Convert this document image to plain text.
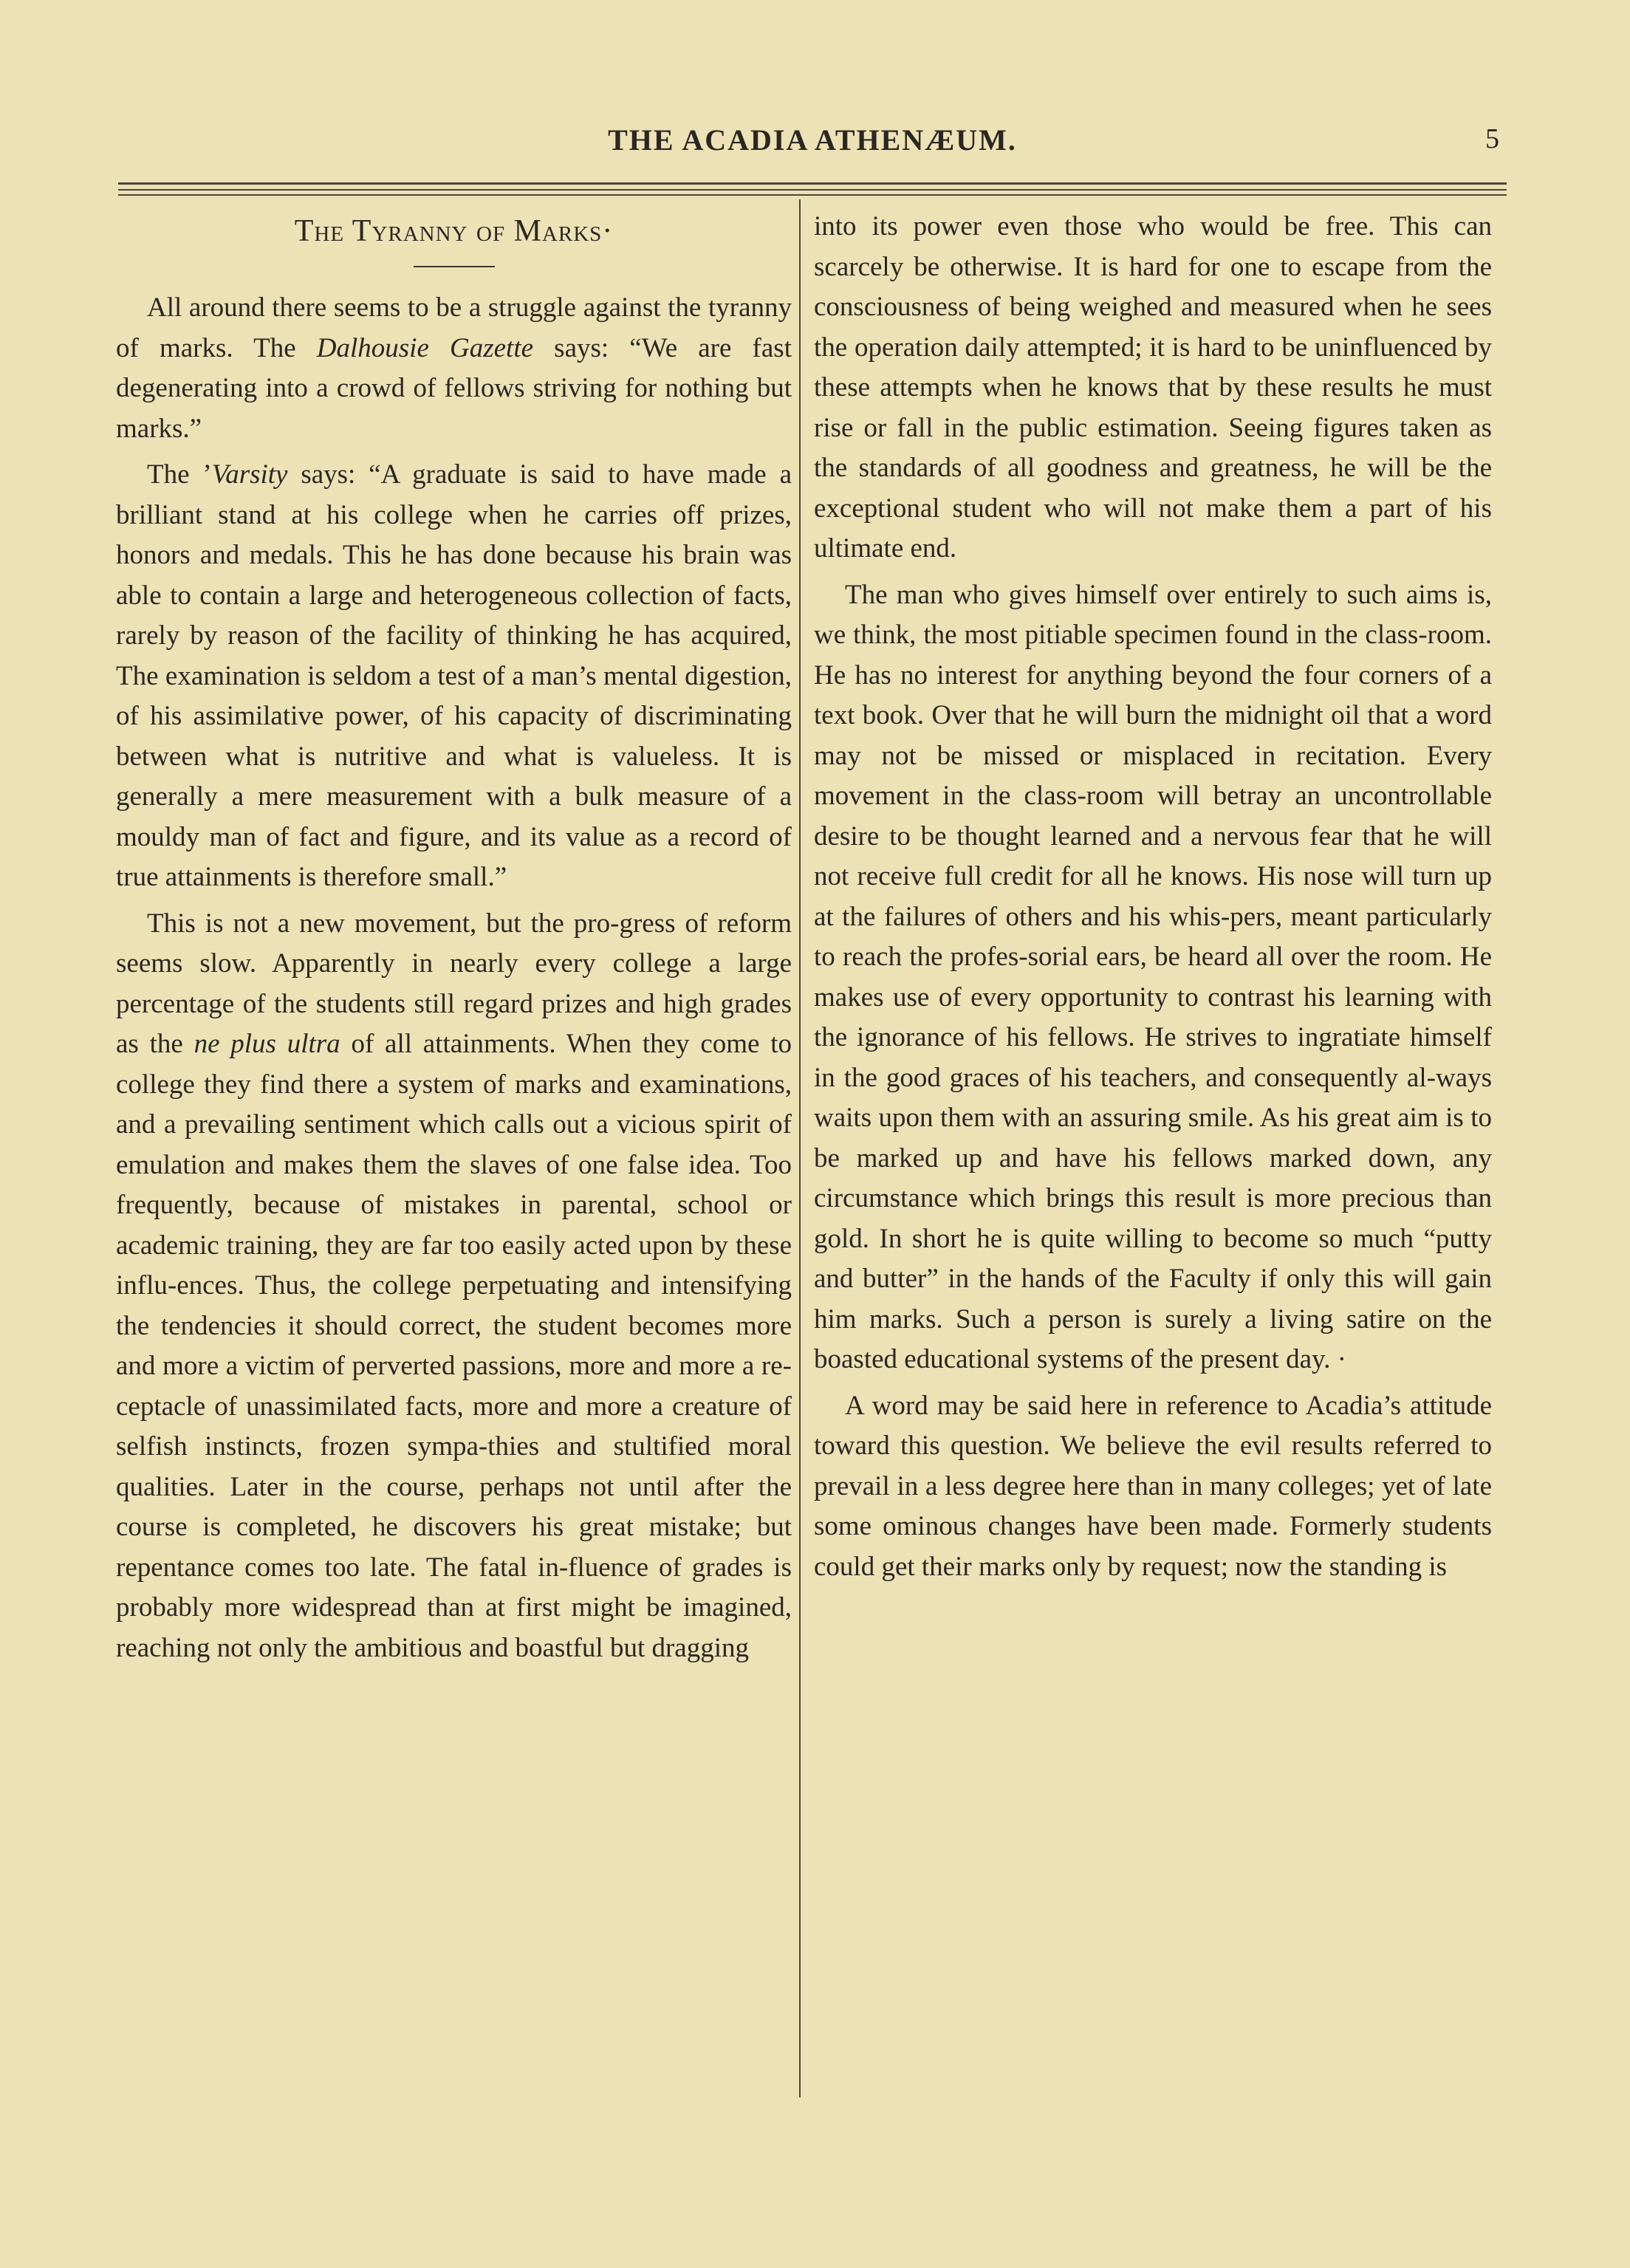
THE ACADIA ATHENÆUM.	5
The Tyranny of Marks·

All around there seems to be a struggle against the tyranny of marks. The Dalhousie Gazette says: “We are fast degenerating into a crowd of fellows striving for nothing but marks.”

The ’Varsity says: “A graduate is said to have made a brilliant stand at his college when he carries off prizes, honors and medals. This he has done because his brain was able to contain a large and heterogeneous collection of facts, rarely by reason of the facility of thinking he has acquired, The examination is seldom a test of a man’s mental digestion, of his assimilative power, of his capacity of discriminating between what is nutritive and what is valueless. It is generally a mere measurement with a bulk measure of a mouldy man of fact and figure, and its value as a record of true attainments is therefore small.”

This is not a new movement, but the pro-gress of reform seems slow. Apparently in nearly every college a large percentage of the students still regard prizes and high grades as the ne plus ultra of all attainments. When they come to college they find there a system of marks and examinations, and a prevailing sentiment which calls out a vicious spirit of emulation and makes them the slaves of one false idea. Too frequently, because of mistakes in parental, school or academic training, they are far too easily acted upon by these influ-ences. Thus, the college perpetuating and intensifying the tendencies it should correct, the student becomes more and more a victim of perverted passions, more and more a re-ceptacle of unassimilated facts, more and more a creature of selfish instincts, frozen sympa-thies and stultified moral qualities. Later in the course, perhaps not until after the course is completed, he discovers his great mistake; but repentance comes too late. The fatal in-fluence of grades is probably more widespread than at first might be imagined, reaching not only the ambitious and boastful but dragging

into its power even those who would be free. This can scarcely be otherwise. It is hard for one to escape from the consciousness of being weighed and measured when he sees the operation daily attempted; it is hard to be uninfluenced by these attempts when he knows that by these results he must rise or fall in the public estimation. Seeing figures taken as the standards of all goodness and greatness, he will be the exceptional student who will not make them a part of his ultimate end.

The man who gives himself over entirely to such aims is, we think, the most pitiable specimen found in the class-room. He has no interest for anything beyond the four corners of a text book. Over that he will burn the midnight oil that a word may not be missed or misplaced in recitation. Every movement in the class-room will betray an uncontrollable desire to be thought learned and a nervous fear that he will not receive full credit for all he knows. His nose will turn up at the failures of others and his whis-pers, meant particularly to reach the profes-sorial ears, be heard all over the room. He makes use of every opportunity to contrast his learning with the ignorance of his fellows. He strives to ingratiate himself in the good graces of his teachers, and consequently al-ways waits upon them with an assuring smile. As his great aim is to be marked up and have his fellows marked down, any circumstance which brings this result is more precious than gold. In short he is quite willing to become so much “putty and butter” in the hands of the Faculty if only this will gain him marks. Such a person is surely a living satire on the boasted educational systems of the present day. ·

A word may be said here in reference to Acadia’s attitude toward this question. We believe the evil results referred to prevail in a less degree here than in many colleges; yet of late some ominous changes have been made. Formerly students could get their marks only by request; now the standing is
